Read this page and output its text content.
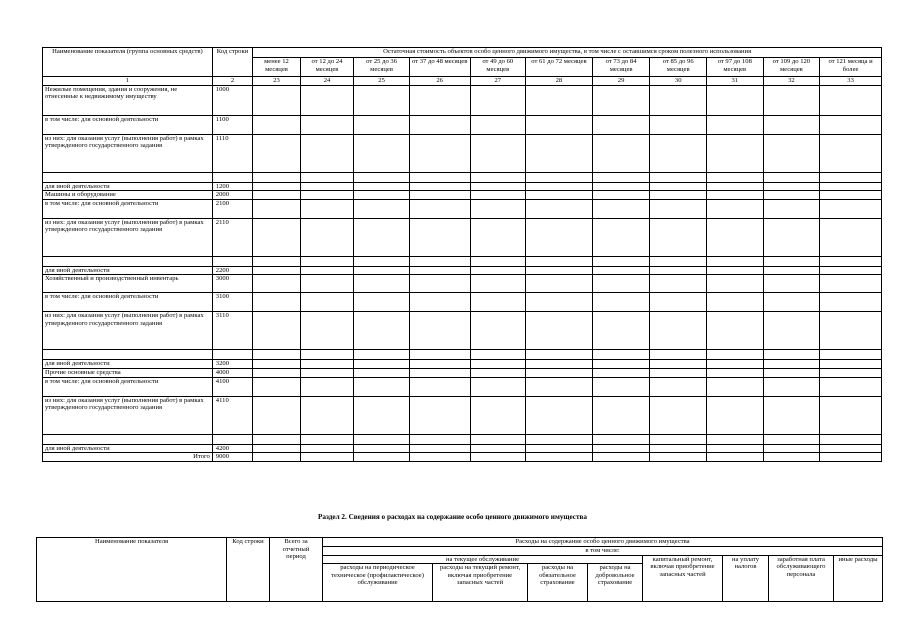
Наименование показателя (группа основных средств)	Код строки	Остаточная стоимость объектов особо ценного движимого имущества, в том числе с оставшимся сроком полезного использования										
		менее 12 месяцев	от 12 до 24 месяцев	от 25 до 36 месяцев	от 37 до 48 месяцев	от 49 до 60 месяцев	от 61 до 72 месяцев	от 73 до 84 месяцев	от 85 до 96 месяцев	от 97 до 108 месяцев	от 109 до 120 месяцев	от 121 месяца и более
1	2	23	24	25	26	27	28	29	30	31	32	33
Нежилые помещения, здания и сооружения, не отнесенные к недвижимому имуществу	1000											
в том числе: для основной деятельности	1100											
из них: для оказания услуг (выполнения работ) в рамках утвержденного государственного задания	1110											

для иной деятельности	1200											
Машины и оборудование	2000											
в том числе: для основной деятельности	2100											
из них: для оказания услуг (выполнения работ) в рамках утвержденного государственного задания	2110											

для иной деятельности	2200											
Хозяйственный и производственный инвентарь	3000											
в том числе: для основной деятельности	3100											
из них: для оказания услуг (выполнения работ) в рамках утвержденного государственного задания	3110											

для иной деятельности	3200											
Прочие основные средства	4000											
в том числе: для основной деятельности	4100											
из них: для оказания услуг (выполнения работ) в рамках утвержденного государственного задания	4110											

для иной деятельности	4200											
Итого	9000											
Раздел 2. Сведения о расходах на содержание особо ценного движимого имущества
Наименование показателя	Код строки	Всего за отчетный период	Расходы на содержание особо ценного движимого имущества							
			в том числе:							
			на текущее обслуживание				капитальный ремонт, включая приобретение запасных частей	на уплату налогов	заработная плата обслуживающего персонала	иные расходы
			расходы на периодическое техническое (профилактическое) обслуживание	расходы на текущий ремонт, включая приобретение запасных частей	расходы на обязательное страхование	расходы на добровольное страхование				
